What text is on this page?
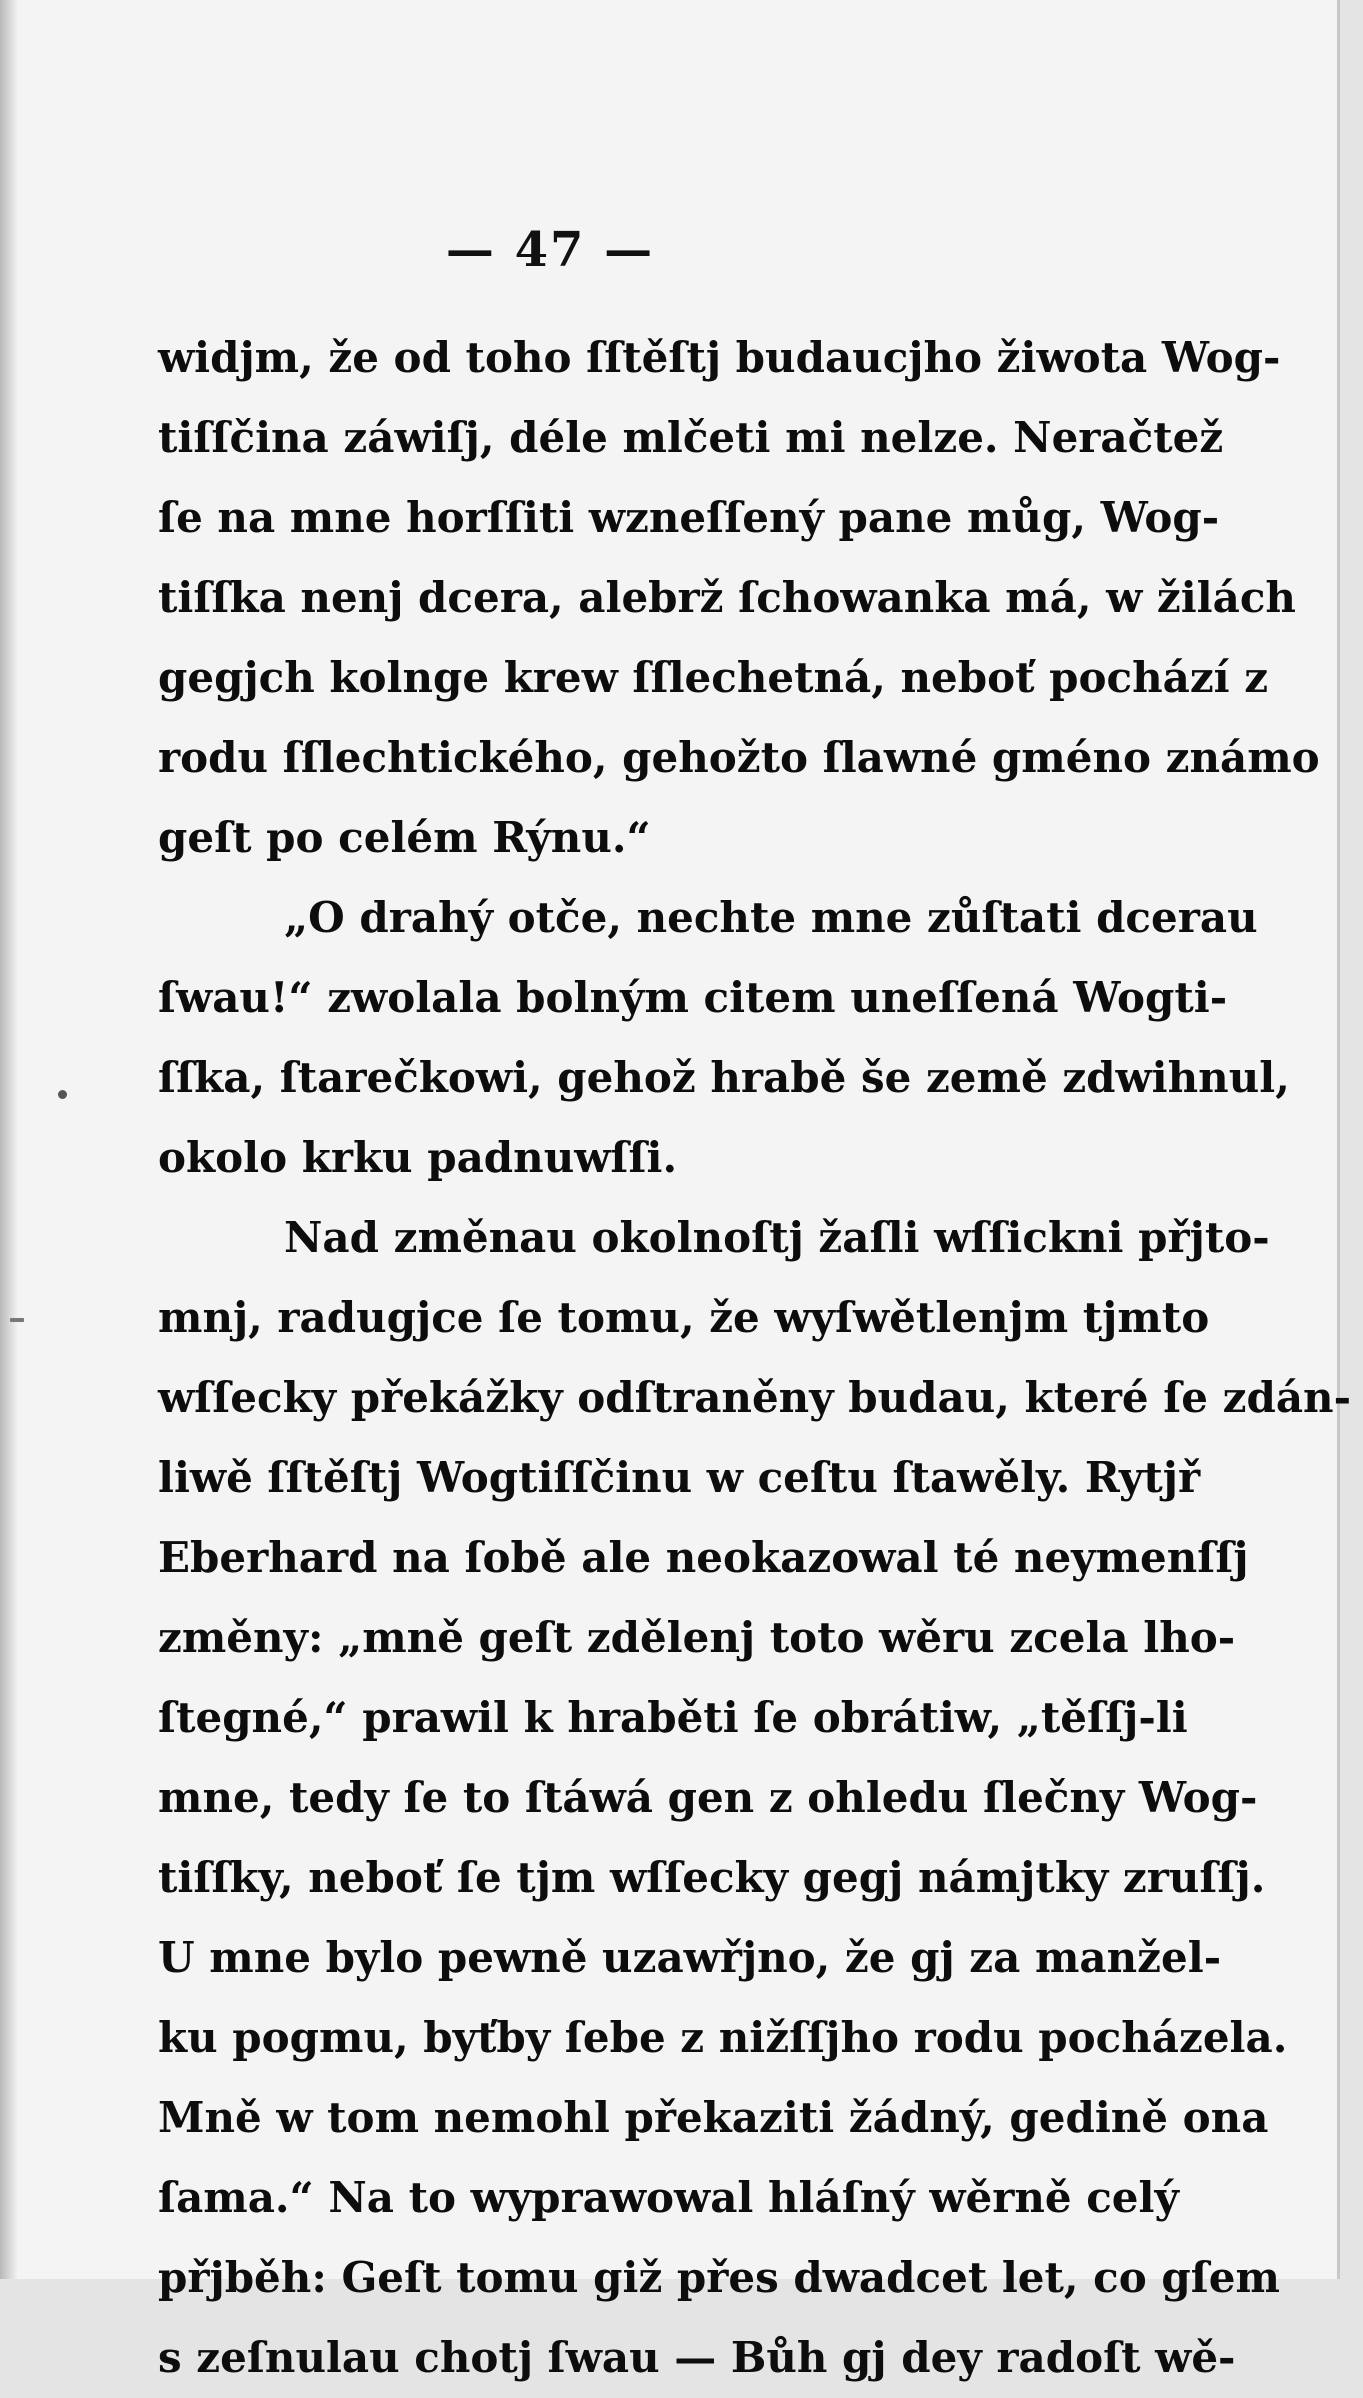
— 47 —
widjm, že od toho ſſtěſtj budaucjho žiwota Wog-
tiſſčina záwiſj, déle mlčeti mi nelze. Neračtež
ſe na mne horſſiti wzneſſený pane můg, Wog-
tiſſka nenj dcera, alebrž ſchowanka má, w žilách
gegjch kolnge krew ſſlechetná, neboť pochází z
rodu ſſlechtického, gehožto ſlawné gméno známo
geſt po celém Rýnu.“
„O drahý otče, nechte mne zůſtati dcerau
ſwau!“ zwolala bolným citem uneſſená Wogti-
ſſka, ſtarečkowi, gehož hrabě še země zdwihnul,
okolo krku padnuwſſi.
Nad změnau okolnoſtj žaſli wſſickni přjto-
mnj, radugjce ſe tomu, že wyſwětlenjm tjmto
wſſecky překážky odſtraněny budau, které ſe zdán-
liwě ſſtěſtj Wogtiſſčinu w ceſtu ſtawěly. Rytjř
Eberhard na ſobě ale neokazowal té neymenſſj
změny: „mně geſt zdělenj toto wěru zcela lho-
ſtegné,“ prawil k hraběti ſe obrátiw, „těſſj-li
mne, tedy ſe to ſtáwá gen z ohledu ſlečny Wog-
tiſſky, neboť ſe tjm wſſecky gegj námjtky zruſſj.
U mne bylo pewně uzawřjno, že gj za manžel-
ku pogmu, byťby ſebe z nižſſjho rodu pocházela.
Mně w tom nemohl překaziti žádný, gedině ona
ſama.“ Na to wyprawowal hláſný wěrně celý
přjběh: Geſt tomu giž přes dwadcet let, co gſem
s zeſnulau chotj ſwau — Bůh gj dey radoſt wě-
